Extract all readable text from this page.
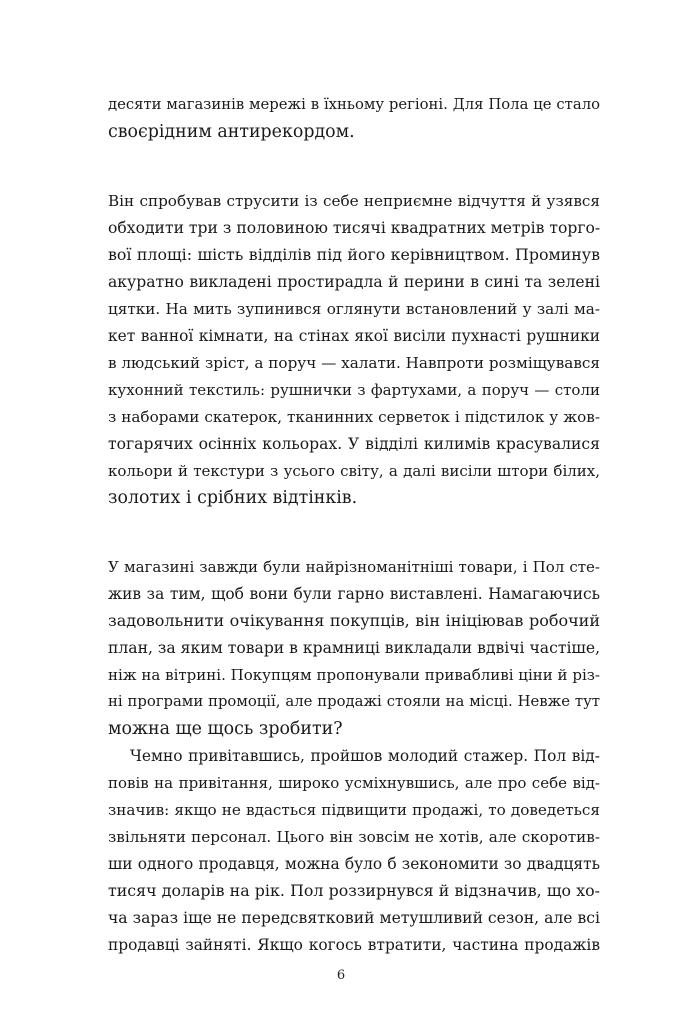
десяти магазинів мережі в їхньому регіоні. Для Пола це стало
своєрідним антирекордом.
Він спробував струсити із себе неприємне відчуття й узявся
обходити три з половиною тисячі квадратних метрів торго-
вої площі: шість відділів під його керівництвом. Проминув
акуратно викладені простирадла й перини в сині та зелені
цятки. На мить зупинився оглянути встановлений у залі ма-
кет ванної кімнати, на стінах якої висіли пухнасті рушники
в людський зріст, а поруч — халати. Навпроти розміщувався
кухонний текстиль: рушнички з фартухами, а поруч — столи
з наборами скатерок, тканинних серветок і підстилок у жов-
тогарячих осінніх кольорах. У відділі килимів красувалися
кольори й текстури з усього світу, а далі висіли штори білих,
золотих і срібних відтінків.
У магазині завжди були найрізноманітніші товари, і Пол сте-
жив за тим, щоб вони були гарно виставлені. Намагаючись
задовольнити очікування покупців, він ініціював робочий
план, за яким товари в крамниці викладали вдвічі частіше,
ніж на вітрині. Покупцям пропонували привабливі ціни й різ-
ні програми промоції, але продажі стояли на місці. Невже тут
можна ще щось зробити?
Чемно привітавшись, пройшов молодий стажер. Пол від-
повів на привітання, широко усміхнувшись, але про себе від-
значив: якщо не вдасться підвищити продажі, то доведеться
звільняти персонал. Цього він зовсім не хотів, але скоротив-
ши одного продавця, можна було б зекономити зо двадцять
тисяч доларів на рік. Пол роззирнувся й відзначив, що хо-
ча зараз іще не передсвятковий метушливий сезон, але всі
продавці зайняті. Якщо когось втратити, частина продажів
6
